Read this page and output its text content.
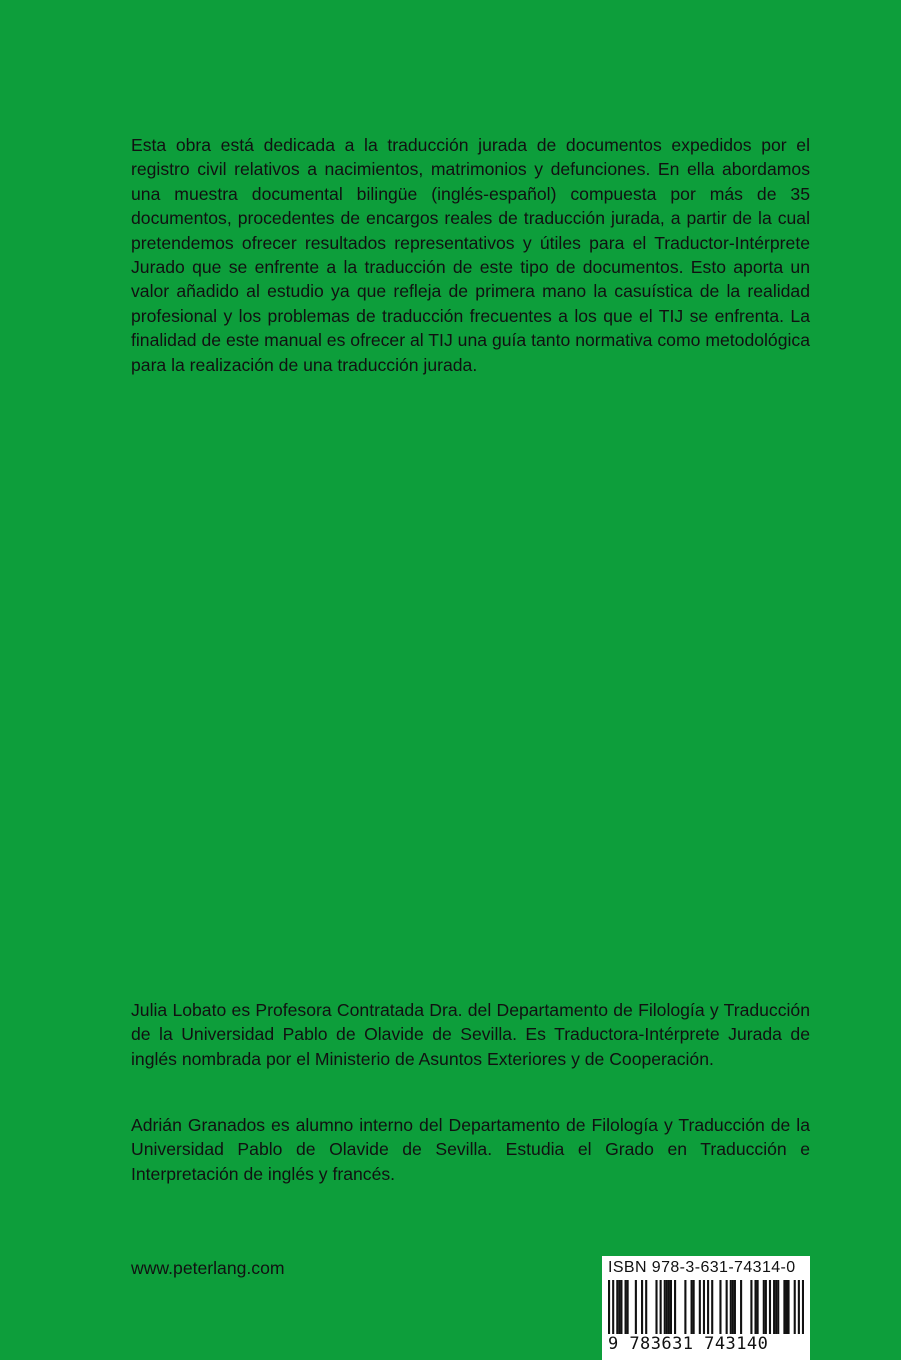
Esta obra está dedicada a la traducción jurada de documentos expedidos por el registro civil relativos a nacimientos, matrimonios y defunciones. En ella abordamos una muestra documental bilingüe (inglés-español) compuesta por más de 35 documentos, procedentes de encargos reales de traducción jurada, a partir de la cual pretendemos ofrecer resultados representativos y útiles para el Traductor-Intérprete Jurado que se enfrente a la traducción de este tipo de documentos. Esto aporta un valor añadido al estudio ya que refleja de primera mano la casuística de la realidad profesional y los problemas de traducción frecuentes a los que el TIJ se enfrenta. La finalidad de este manual es ofrecer al TIJ una guía tanto normativa como metodológica para la realización de una traducción jurada.

Julia Lobato es Profesora Contratada Dra. del Departamento de Filología y Traducción de la Universidad Pablo de Olavide de Sevilla. Es Traductora-Intérprete Jurada de inglés nombrada por el Ministerio de Asuntos Exteriores y de Cooperación.

Adrián Granados es alumno interno del Departamento de Filología y Traducción de la Universidad Pablo de Olavide de Sevilla. Estudia el Grado en Traducción e Interpretación de inglés y francés.

www.peterlang.com	ISBN 978-3-631-74314-0
9 783631 743140
